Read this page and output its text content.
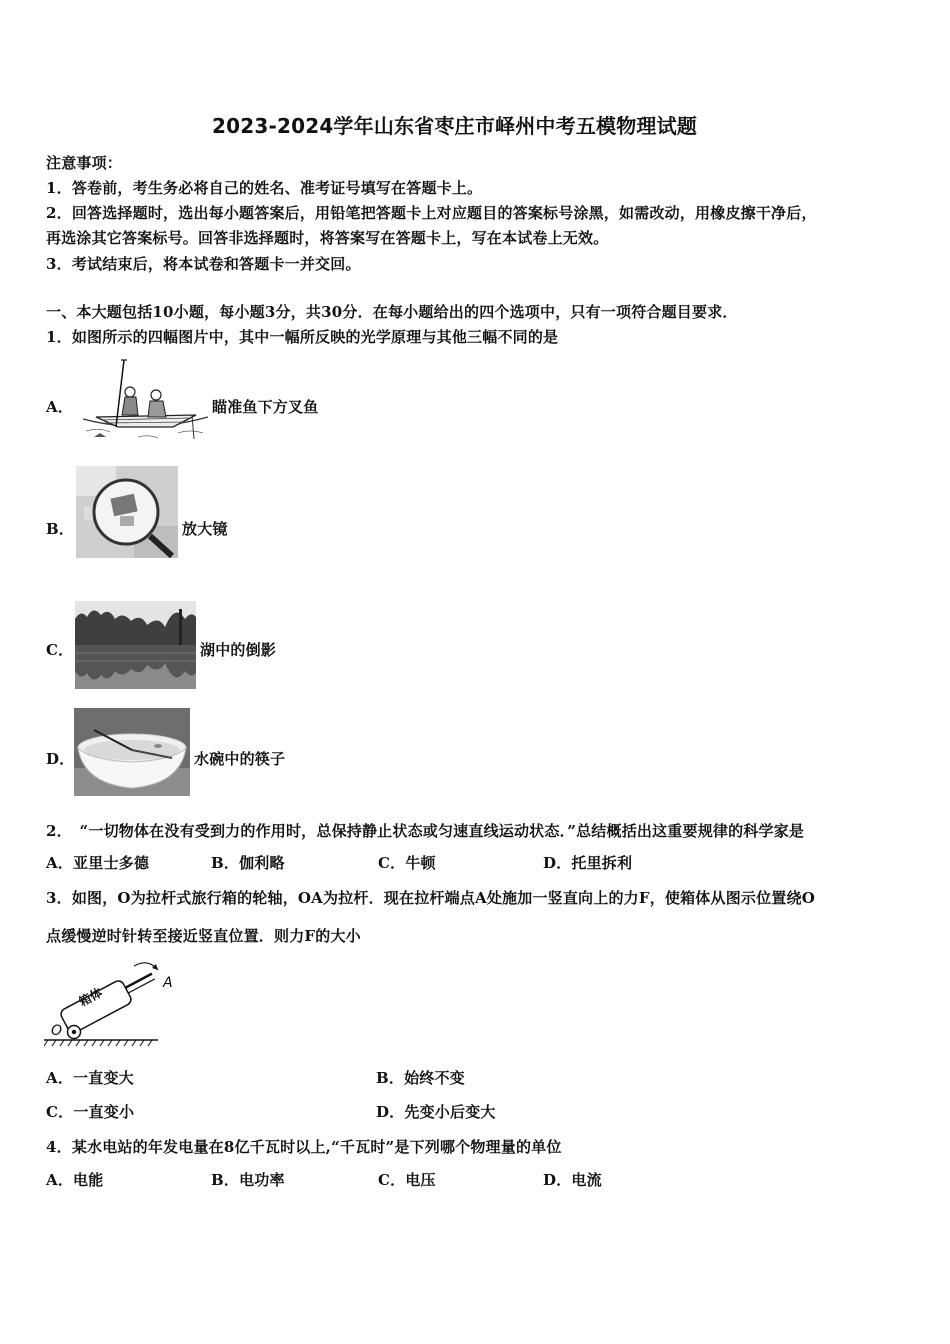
2023-2024学年山东省枣庄市峄州中考五模物理试题
注意事项：
1．答卷前，考生务必将自己的姓名、准考证号填写在答题卡上。
2．回答选择题时，选出每小题答案后，用铅笔把答题卡上对应题目的答案标号涂黑，如需改动，用橡皮擦干净后，
再选涂其它答案标号。回答非选择题时，将答案写在答题卡上，写在本试卷上无效。
3．考试结束后，将本试卷和答题卡一并交回。
一、本大题包括10小题，每小题3分，共30分．在每小题给出的四个选项中，只有一项符合题目要求．
1．如图所示的四幅图片中，其中一幅所反映的光学原理与其他三幅不同的是
A．	瞄准鱼下方叉鱼
B．	放大镜
C．	湖中的倒影
D．	水碗中的筷子
2．　“一切物体在没有受到力的作用时，总保持静止状态或匀速直线运动状态．”总结概括出这重要规律的科学家是
A．亚里士多德	B．伽利略	C．牛顿	D．托里拆利
3．如图，O为拉杆式旅行箱的轮轴，OA为拉杆．现在拉杆端点A处施加一竖直向上的力F，使箱体从图示位置绕O
点缓慢逆时针转至接近竖直位置．则力F的大小
箱体
O
A
A．一直变大	B．始终不变
C．一直变小	D．先变小后变大
4．某水电站的年发电量在8亿千瓦时以上,“千瓦时”是下列哪个物理量的单位
A．电能	B．电功率	C．电压	D．电流
